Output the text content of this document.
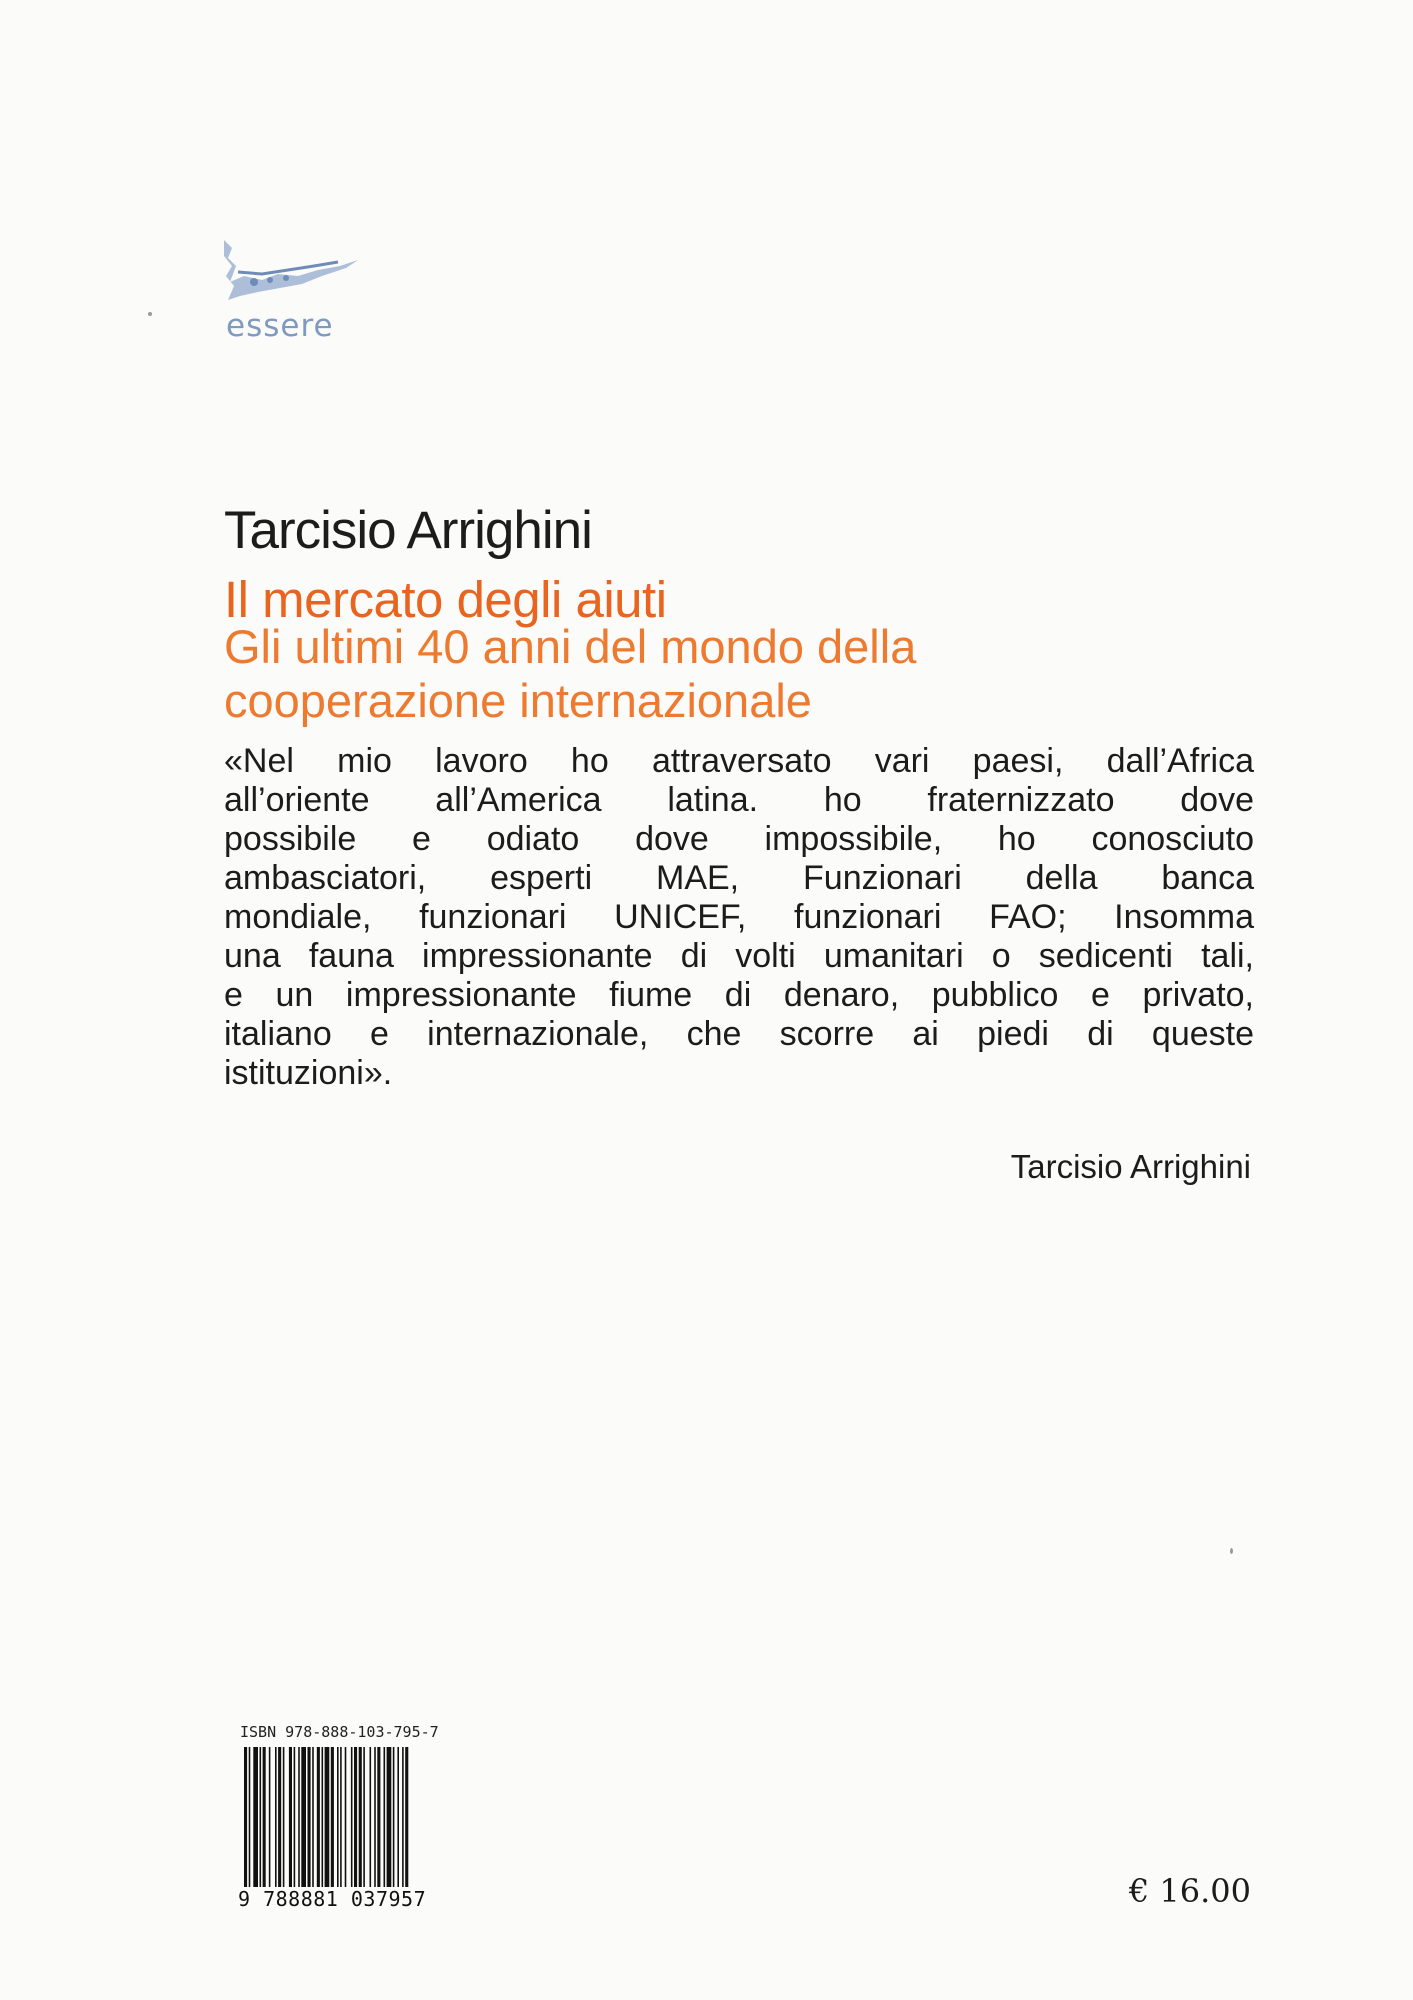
essere
Tarcisio Arrighini
Il mercato degli aiuti
Gli ultimi 40 anni del mondo della
cooperazione internazionale
«Nel mio lavoro ho attraversato vari paesi, dall’Africa
all’oriente all’America latina. ho fraternizzato dove
possibile e odiato dove impossibile, ho conosciuto
ambasciatori, esperti MAE, Funzionari della banca
mondiale, funzionari UNICEF, funzionari FAO; Insomma
una fauna impressionante di volti umanitari o sedicenti tali,
e un impressionante fiume di denaro, pubblico e privato,
italiano e internazionale, che scorre ai piedi di queste
istituzioni».
Tarcisio Arrighini
ISBN 978-888-103-795-7
9 788881 037957	€ 16.00
